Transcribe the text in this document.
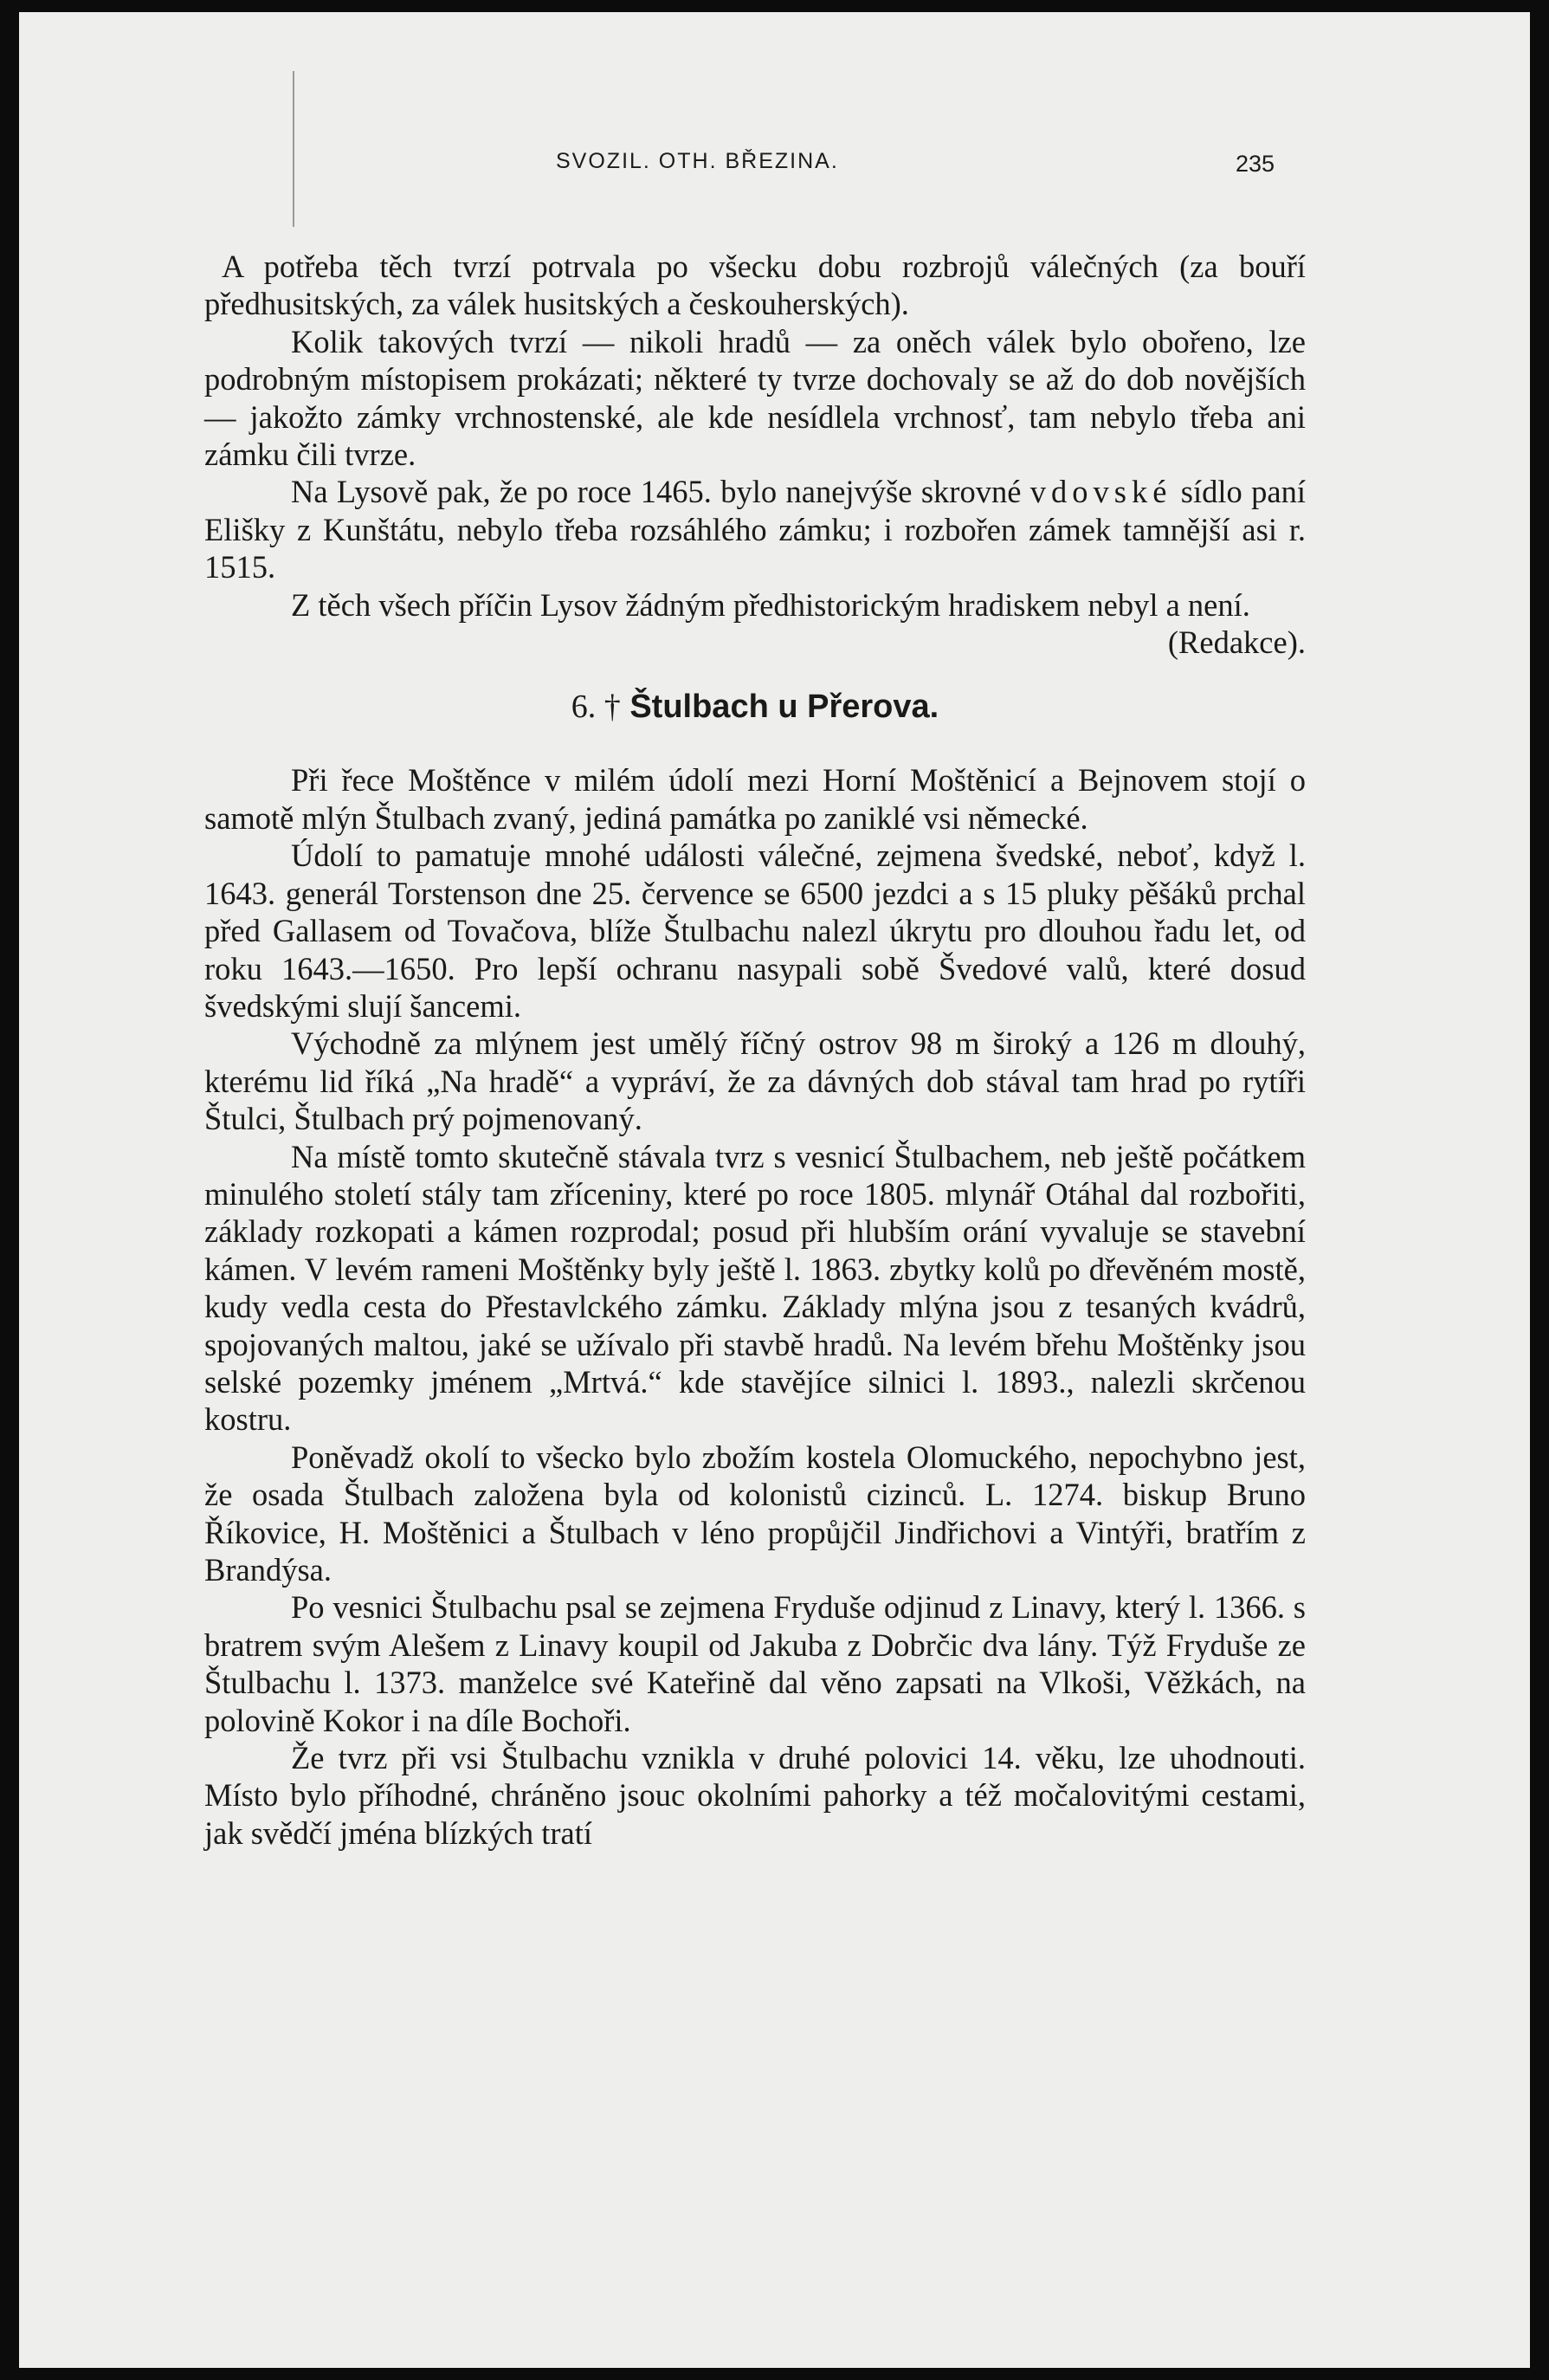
SVOZIL. OTH. BŘEZINA.	235

A potřeba těch tvrzí potrvala po všecku dobu rozbrojů válečných (za bouří předhusitských, za válek husitských a českouherských).

Kolik takových tvrzí — nikoli hradů — za oněch válek bylo obořeno, lze podrobným místopisem prokázati; některé ty tvrze dochovaly se až do dob novějších — jakožto zámky vrchnostenské, ale kde nesídlela vrchnosť, tam nebylo třeba ani zámku čili tvrze.

Na Lysově pak, že po roce 1465. bylo nanejvýše skrovné vdovské sídlo paní Elišky z Kunštátu, nebylo třeba rozsáhlého zámku; i rozbořen zámek tamnější asi r. 1515.

Z těch všech příčin Lysov žádným předhistorickým hradiskem nebyl a není.
(Redakce).

6. † Štulbach u Přerova.

Při řece Moštěnce v milém údolí mezi Horní Moštěnicí a Bejnovem stojí o samotě mlýn Štulbach zvaný, jediná památka po zaniklé vsi německé.

Údolí to pamatuje mnohé události válečné, zejmena švedské, neboť, když l. 1643. generál Torstenson dne 25. července se 6500 jezdci a s 15 pluky pěšáků prchal před Gallasem od Tovačova, blíže Štulbachu nalezl úkrytu pro dlouhou řadu let, od roku 1643.—1650. Pro lepší ochranu nasypali sobě Švedové valů, které dosud švedskými slují šancemi.

Východně za mlýnem jest umělý říčný ostrov 98 m široký a 126 m dlouhý, kterému lid říká „Na hradě“ a vypráví, že za dávných dob stával tam hrad po rytíři Štulci, Štulbach prý pojmenovaný.

Na místě tomto skutečně stávala tvrz s vesnicí Štulbachem, neb ještě počátkem minulého století stály tam zříceniny, které po roce 1805. mlynář Otáhal dal rozbořiti, základy rozkopati a kámen rozprodal; posud při hlubším orání vyvaluje se stavební kámen. V levém rameni Moštěnky byly ještě l. 1863. zbytky kolů po dřevěném mostě, kudy vedla cesta do Přestavlckého zámku. Základy mlýna jsou z tesaných kvádrů, spojovaných maltou, jaké se užívalo při stavbě hradů. Na levém břehu Moštěnky jsou selské pozemky jménem „Mrtvá.“ kde stavějíce silnici l. 1893., nalezli skrčenou kostru.

Poněvadž okolí to všecko bylo zbožím kostela Olomuckého, nepochybno jest, že osada Štulbach založena byla od kolonistů cizinců. L. 1274. biskup Bruno Říkovice, H. Moštěnici a Štulbach v léno propůjčil Jindřichovi a Vintýři, bratřím z Brandýsa.

Po vesnici Štulbachu psal se zejmena Fryduše odjinud z Linavy, který l. 1366. s bratrem svým Alešem z Linavy koupil od Jakuba z Dobrčic dva lány. Týž Fryduše ze Štulbachu l. 1373. manželce své Kateřině dal věno zapsati na Vlkoši, Věžkách, na polovině Kokor i na díle Bochoři.

Že tvrz při vsi Štulbachu vznikla v druhé polovici 14. věku, lze uhodnouti. Místo bylo příhodné, chráněno jsouc okolními pahorky a též močalovitými cestami, jak svědčí jména blízkých tratí
